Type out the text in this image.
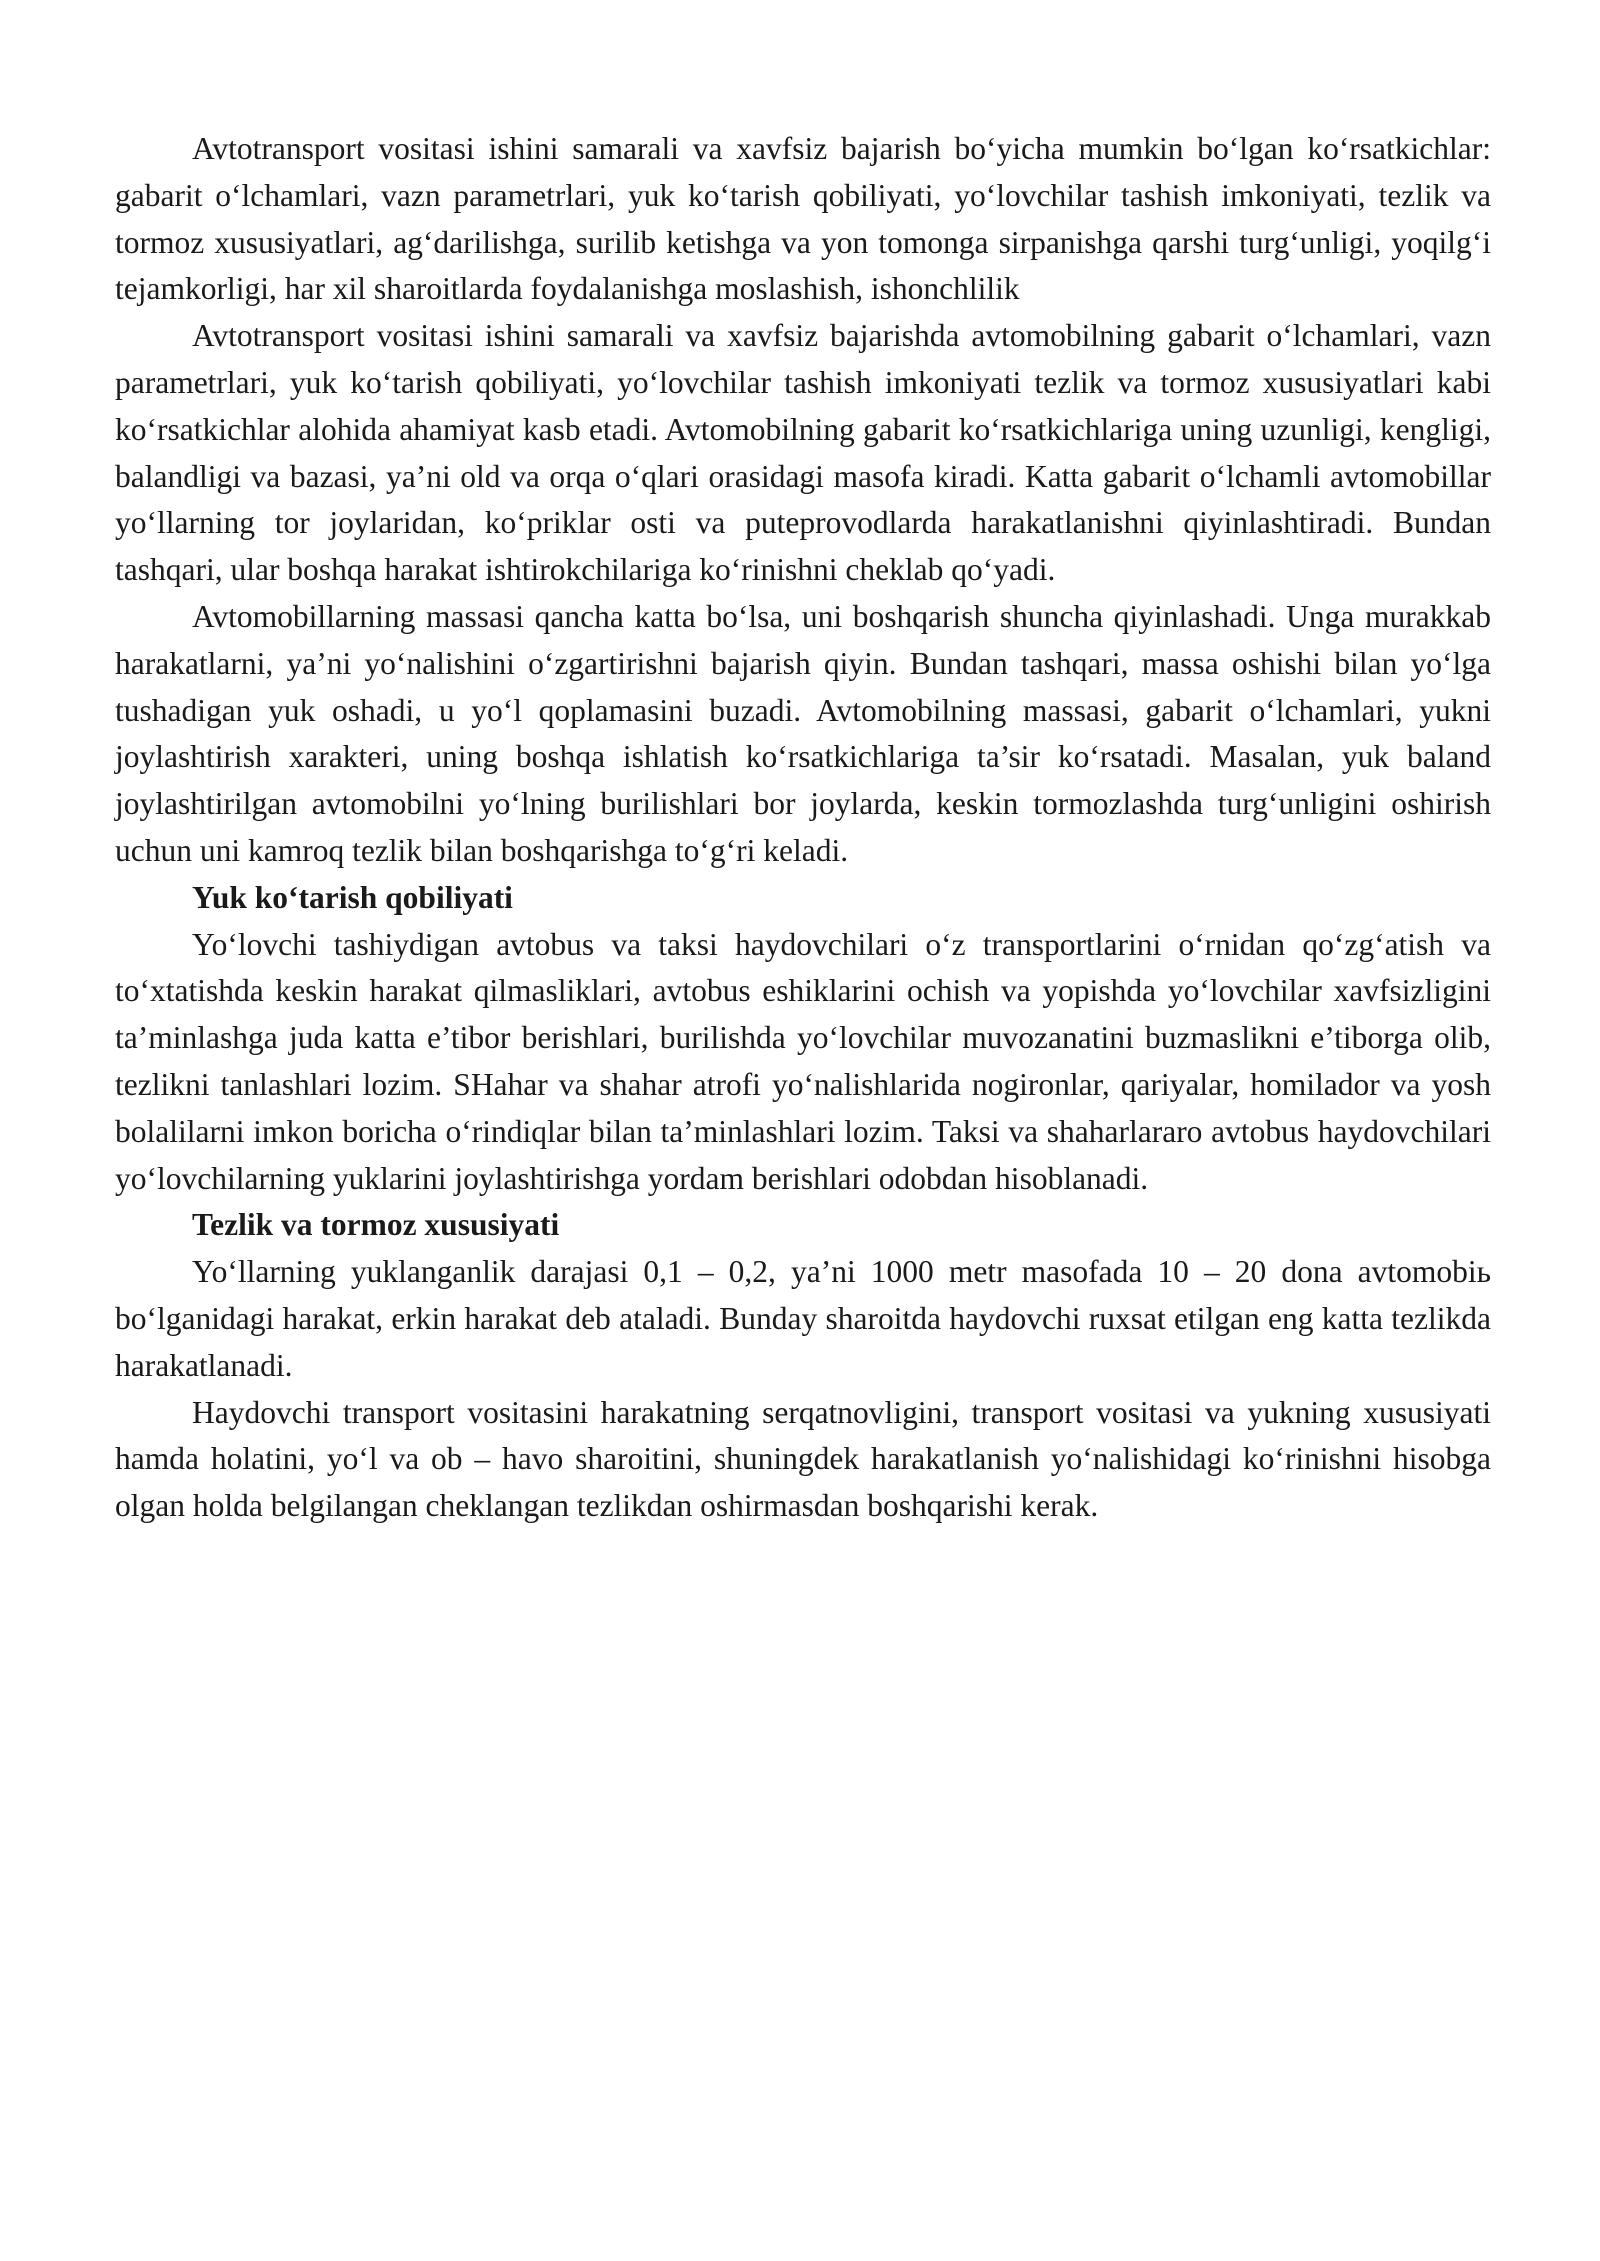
Avtotransport vositasi ishini samarali va xavfsiz bajarish bo‘yicha mumkin bo‘lgan ko‘rsatkichlar: gabarit o‘lchamlari, vazn parametrlari, yuk ko‘tarish qobiliyati, yo‘lovchilar tashish imkoniyati, tezlik va tormoz xususiyatlari, ag‘darilishga, surilib ketishga va yon tomonga sirpanishga qarshi turg‘unligi, yoqilg‘i tejamkorligi, har xil sharoitlarda foydalanishga moslashish, ishonchlilik

Avtotransport vositasi ishini samarali va xavfsiz bajarishda avtomobilning gabarit o‘lchamlari, vazn parametrlari, yuk ko‘tarish qobiliyati, yo‘lovchilar tashish imkoniyati tezlik va tormoz xususiyatlari kabi ko‘rsatkichlar alohida ahamiyat kasb etadi. Avtomobilning gabarit ko‘rsatkichlariga uning uzunligi, kengligi, balandligi va bazasi, ya’ni old va orqa o‘qlari orasidagi masofa kiradi. Katta gabarit o‘lchamli avtomobillar yo‘llarning tor joylaridan, ko‘priklar osti va puteprovodlarda harakatlanishni qiyinlashtiradi. Bundan tashqari, ular boshqa harakat ishtirokchilariga ko‘rinishni cheklab qo‘yadi.

Avtomobillarning massasi qancha katta bo‘lsa, uni boshqarish shuncha qiyinlashadi. Unga murakkab harakatlarni, ya’ni yo‘nalishini o‘zgartirishni bajarish qiyin. Bundan tashqari, massa oshishi bilan yo‘lga tushadigan yuk oshadi, u yo‘l qoplamasini buzadi. Avtomobilning massasi, gabarit o‘lchamlari, yukni joylashtirish xarakteri, uning boshqa ishlatish ko‘rsatkichlariga ta’sir ko‘rsatadi. Masalan, yuk baland joylashtirilgan avtomobilni yo‘lning burilishlari bor joylarda, keskin tormozlashda turg‘unligini oshirish uchun uni kamroq tezlik bilan boshqarishga to‘g‘ri keladi.

Yuk ko‘tarish qobiliyati

Yo‘lovchi tashiydigan avtobus va taksi haydovchilari o‘z transportlarini o‘rnidan qo‘zg‘atish va to‘xtatishda keskin harakat qilmasliklari, avtobus eshiklarini ochish va yopishda yo‘lovchilar xavfsizligini ta’minlashga juda katta e’tibor berishlari, burilishda yo‘lovchilar muvozanatini buzmaslikni e’tiborga olib, tezlikni tanlashlari lozim. SHahar va shahar atrofi yo‘nalishlarida nogironlar, qariyalar, homilador va yosh bolalilarni imkon boricha o‘rindiqlar bilan ta’minlashlari lozim. Taksi va shaharlararo avtobus haydovchilari yo‘lovchilarning yuklarini joylashtirishga yordam berishlari odobdan hisoblanadi.

Tezlik va tormoz xususiyati

Yo‘llarning yuklanganlik darajasi 0,1 – 0,2, ya’ni 1000 metr masofada 10 – 20 dona avtomobiь bo‘lganidagi harakat, erkin harakat deb ataladi. Bunday sharoitda haydovchi ruxsat etilgan eng katta tezlikda harakatlanadi.

Haydovchi transport vositasini harakatning serqatnovligini, transport vositasi va yukning xususiyati hamda holatini, yo‘l va ob – havo sharoitini, shuningdek harakatlanish yo‘nalishidagi ko‘rinishni hisobga olgan holda belgilangan cheklangan tezlikdan oshirmasdan boshqarishi kerak.
